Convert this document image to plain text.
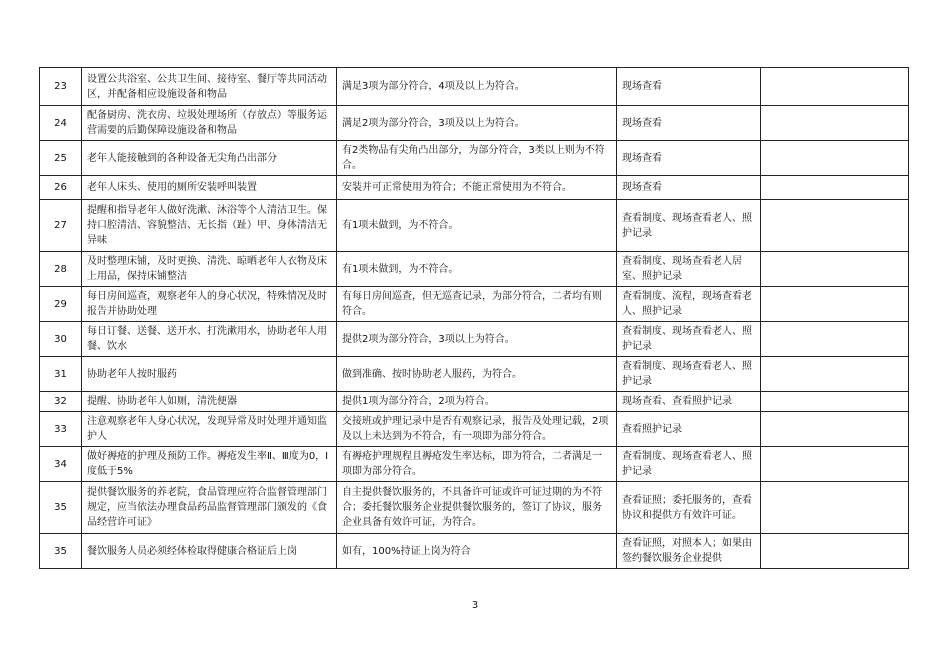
23	设置公共浴室、公共卫生间、接待室、餐厅等共同活动区，并配备相应设施设备和物品	满足3项为部分符合，4项及以上为符合。	现场查看	
24	配备厨房、洗衣房、垃圾处理场所（存放点）等服务运营需要的后勤保障设施设备和物品	满足2项为部分符合，3项及以上为符合。	现场查看	
25	老年人能接触到的各种设备无尖角凸出部分	有2类物品有尖角凸出部分，为部分符合，3类以上则为不符合。	现场查看	
26	老年人床头、使用的厕所安装呼叫装置	安装并可正常使用为符合；不能正常使用为不符合。	现场查看	
27	提醒和指导老年人做好洗漱、沐浴等个人清洁卫生。保持口腔清洁、容貌整洁、无长指（趾）甲、身体清洁无异味	有1项未做到，为不符合。	查看制度、现场查看老人、照护记录	
28	及时整理床铺，及时更换、清洗、晾晒老年人衣物及床上用品，保持床铺整洁	有1项未做到，为不符合。	查看制度、现场查看老人居室、照护记录	
29	每日房间巡查，观察老年人的身心状况，特殊情况及时报告并协助处理	有每日房间巡查，但无巡查记录，为部分符合，二者均有则符合。	查看制度、流程，现场查看老人、照护记录	
30	每日订餐、送餐、送开水、打洗漱用水，协助老年人用餐、饮水	提供2项为部分符合，3项以上为符合。	查看制度、现场查看老人、照护记录	
31	协助老年人按时服药	做到准确、按时协助老人服药，为符合。	查看制度、现场查看老人、照护记录	
32	提醒、协助老年人如厕，清洗便器	提供1项为部分符合，2项为符合。	现场查看、查看照护记录	
33	注意观察老年人身心状况，发现异常及时处理并通知监护人	交接班或护理记录中是否有观察记录，报告及处理记载，2项及以上未达到为不符合，有一项即为部分符合。	查看照护记录	
34	做好褥疮的护理及预防工作。褥疮发生率Ⅱ、Ⅲ度为0，Ⅰ度低于5%	有褥疮护理规程且褥疮发生率达标，即为符合，二者满足一项即为部分符合。	查看制度、现场查看老人、照护记录	
35	提供餐饮服务的养老院，食品管理应符合监督管理部门规定，应当依法办理食品药品监督管理部门颁发的《食品经营许可证》	自主提供餐饮服务的，不具备许可证或许可证过期的为不符合；委托餐饮服务企业提供餐饮服务的，签订了协议，服务企业具备有效许可证，为符合。	查看证照；委托服务的，查看协议和提供方有效许可证。	
35	餐饮服务人员必须经体检取得健康合格证后上岗	如有，100%持证上岗为符合	查看证照，对照本人；如果由签约餐饮服务企业提供	
3
